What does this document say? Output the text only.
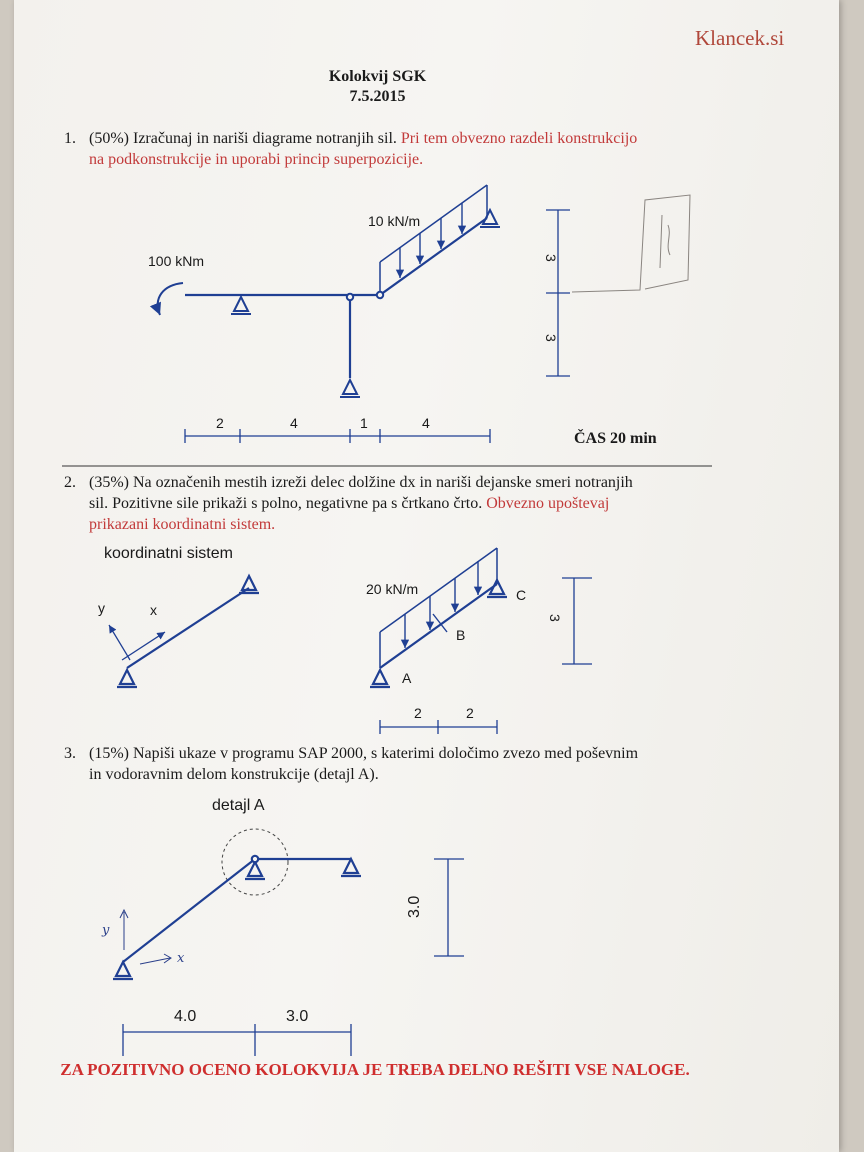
Klancek.si
Kolokvij SGK
7.5.2015
1. (50%) Izračunaj in nariši diagrame notranjih sil. Pri tem obvezno razdeli konstrukcijo
na podkonstrukcije in uporabi princip superpozicije.
ČAS 20 min
2. (35%) Na označenih mestih izreži delec dolžine dx in nariši dejanske smeri notranjih
sil. Pozitivne sile prikaži s polno, negativne pa s črtkano črto. Obvezno upoštevaj
prikazani koordinatni sistem.
3. (15%) Napiši ukaze v programu SAP 2000, s katerimi določimo zvezo med poševnim
in vodoravnim delom konstrukcije (detajl A).
ZA POZITIVNO OCENO KOLOKVIJA JE TREBA DELNO REŠITI VSE NALOGE.
100 kNm
10 kN/m
2	4	1	4
3
3
koordinatni sistem
y	x
20 kN/m
A
B
C
3
2	2
detajl A
y
x
3.0
4.0	3.0
